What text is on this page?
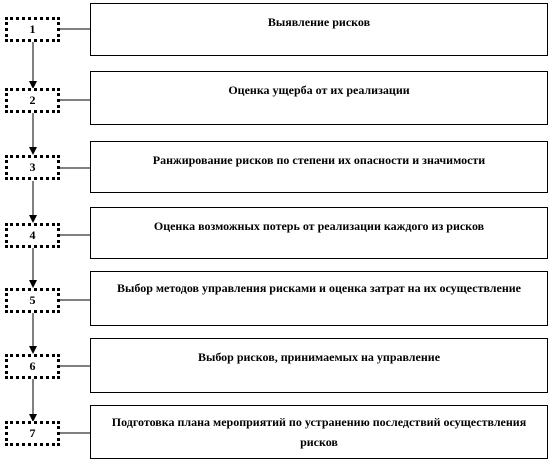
1	Выявление рисков
2
Оценка ущерба от их реализации
3	Ранжирование рисков по степени их опасности и значимости
4
Оценка возможных потерь от реализации каждого из рисков
5
Выбор методов управления рисками и оценка затрат на их осуществление
6
Выбор рисков, принимаемых на управление
7
Подготовка плана мероприятий по устранению последствий осуществления рисков
